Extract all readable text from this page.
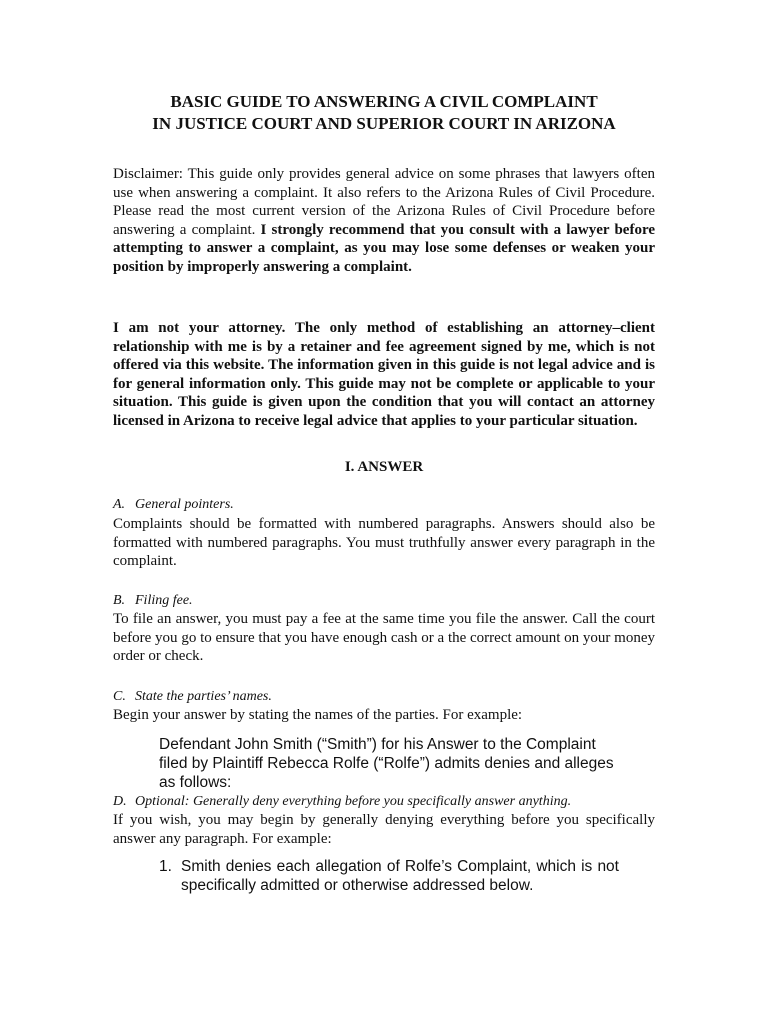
BASIC GUIDE TO ANSWERING A CIVIL COMPLAINT
IN JUSTICE COURT AND SUPERIOR COURT IN ARIZONA

Disclaimer: This guide only provides general advice on some phrases that lawyers often use when answering a complaint. It also refers to the Arizona Rules of Civil Procedure. Please read the most current version of the Arizona Rules of Civil Procedure before answering a complaint. I strongly recommend that you consult with a lawyer before attempting to answer a complaint, as you may lose some defenses or weaken your position by improperly answering a complaint.

I am not your attorney. The only method of establishing an attorney–client relationship with me is by a retainer and fee agreement signed by me, which is not offered via this website. The information given in this guide is not legal advice and is for general information only. This guide may not be complete or applicable to your situation. This guide is given upon the condition that you will contact an attorney licensed in Arizona to receive legal advice that applies to your particular situation.

I. ANSWER

A. General pointers.

Complaints should be formatted with numbered paragraphs. Answers should also be formatted with numbered paragraphs. You must truthfully answer every paragraph in the complaint.

B. Filing fee.

To file an answer, you must pay a fee at the same time you file the answer. Call the court before you go to ensure that you have enough cash or a the correct amount on your money order or check.

C. State the parties’ names.

Begin your answer by stating the names of the parties. For example:

Defendant John Smith (“Smith”) for his Answer to the Complaint filed by Plaintiff Rebecca Rolfe (“Rolfe”) admits denies and alleges as follows:

D. Optional: Generally deny everything before you specifically answer anything.

If you wish, you may begin by generally denying everything before you specifically answer any paragraph. For example:

1. Smith denies each allegation of Rolfe’s Complaint, which is not specifically admitted or otherwise addressed below.
